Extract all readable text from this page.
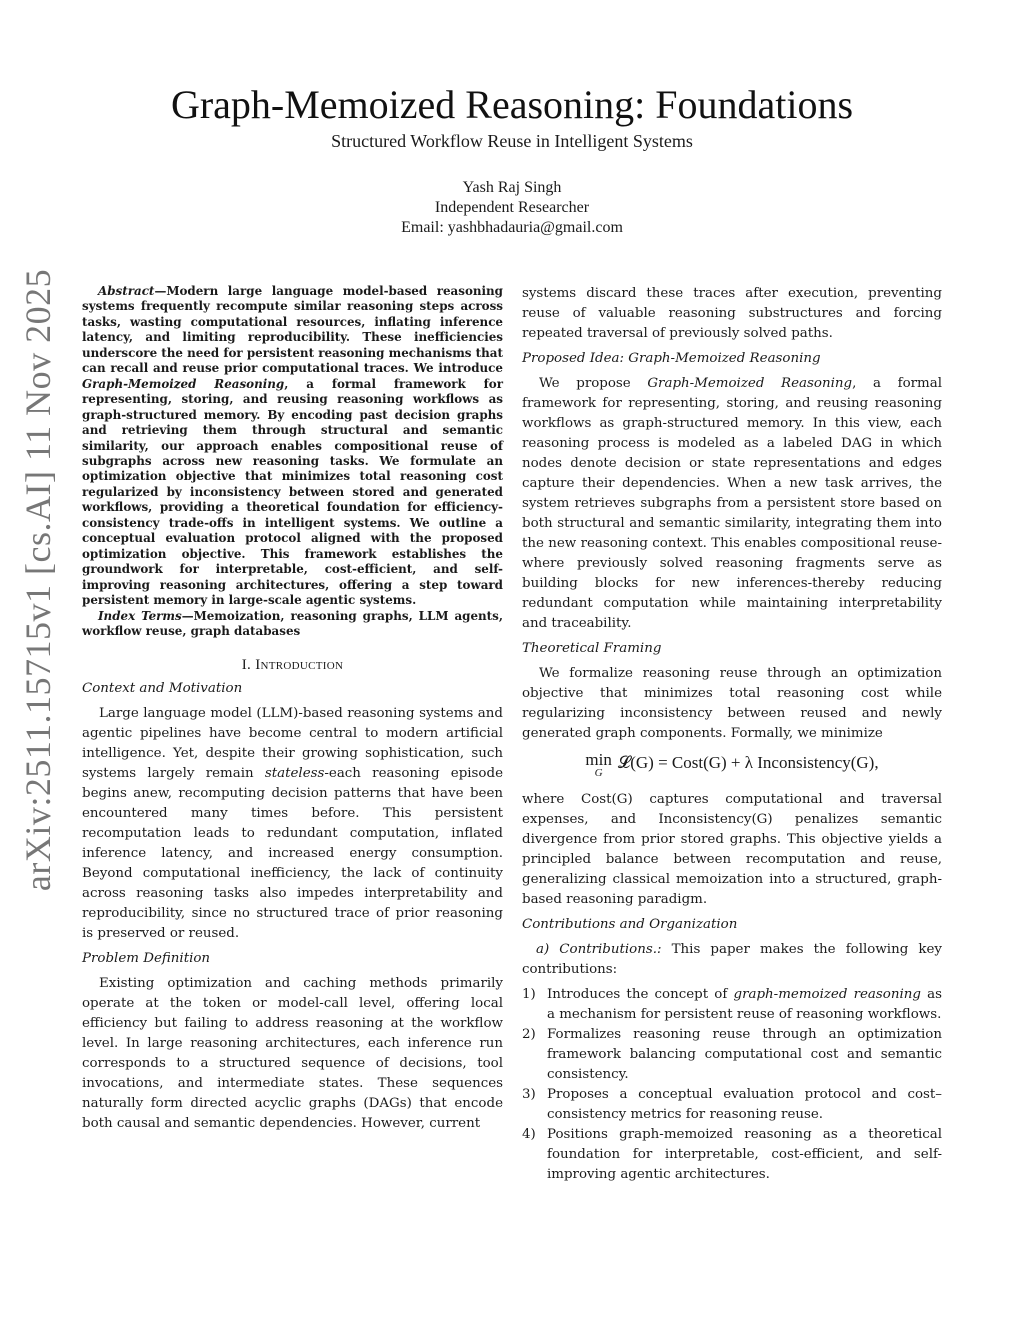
arXiv:2511.15715v1 [cs.AI] 11 Nov 2025
Graph-Memoized Reasoning: Foundations
Structured Workflow Reuse in Intelligent Systems
Yash Raj Singh
Independent Researcher
Email: yashbhadauria@gmail.com

Abstract—Modern large language model-based reasoning systems frequently recompute similar reasoning steps across tasks, wasting computational resources, inflating inference latency, and limiting reproducibility. These inefficiencies underscore the need for persistent reasoning mechanisms that can recall and reuse prior computational traces. We introduce Graph-Memoized Reasoning, a formal framework for representing, storing, and reusing reasoning workflows as graph-structured memory. By encoding past decision graphs and retrieving them through structural and semantic similarity, our approach enables compositional reuse of subgraphs across new reasoning tasks. We formulate an optimization objective that minimizes total reasoning cost regularized by inconsistency between stored and generated workflows, providing a theoretical foundation for efficiency-consistency trade-offs in intelligent systems. We outline a conceptual evaluation protocol aligned with the proposed optimization objective. This framework establishes the groundwork for interpretable, cost-efficient, and self-improving reasoning architectures, offering a step toward persistent memory in large-scale agentic systems.

Index Terms—Memoization, reasoning graphs, LLM agents, workflow reuse, graph databases

I. Introduction
Context and Motivation

Large language model (LLM)-based reasoning systems and agentic pipelines have become central to modern artificial intelligence. Yet, despite their growing sophistication, such systems largely remain stateless-each reasoning episode begins anew, recomputing decision patterns that have been encountered many times before. This persistent recomputation leads to redundant computation, inflated inference latency, and increased energy consumption. Beyond computational inefficiency, the lack of continuity across reasoning tasks also impedes interpretability and reproducibility, since no structured trace of prior reasoning is preserved or reused.

Problem Definition

Existing optimization and caching methods primarily operate at the token or model-call level, offering local efficiency but failing to address reasoning at the workflow level. In large reasoning architectures, each inference run corresponds to a structured sequence of decisions, tool invocations, and intermediate states. These sequences naturally form directed acyclic graphs (DAGs) that encode both causal and semantic dependencies. However, current

systems discard these traces after execution, preventing reuse of valuable reasoning substructures and forcing repeated traversal of previously solved paths.

Proposed Idea: Graph-Memoized Reasoning

We propose Graph-Memoized Reasoning, a formal framework for representing, storing, and reusing reasoning workflows as graph-structured memory. In this view, each reasoning process is modeled as a labeled DAG in which nodes denote decision or state representations and edges capture their dependencies. When a new task arrives, the system retrieves subgraphs from a persistent store based on both structural and semantic similarity, integrating them into the new reasoning context. This enables compositional reuse-where previously solved reasoning fragments serve as building blocks for new inferences-thereby reducing redundant computation while maintaining interpretability and traceability.

Theoretical Framing

We formalize reasoning reuse through an optimization objective that minimizes total reasoning cost while regularizing inconsistency between reused and newly generated graph components. Formally, we minimize

min
G
𝓛(G) = Cost(G) + λ Inconsistency(G),

where Cost(G) captures computational and traversal expenses, and Inconsistency(G) penalizes semantic divergence from prior stored graphs. This objective yields a principled balance between recomputation and reuse, generalizing classical memoization into a structured, graph-based reasoning paradigm.

Contributions and Organization

a) Contributions.: This paper makes the following key contributions:

1) Introduces the concept of graph-memoized reasoning as a mechanism for persistent reuse of reasoning workflows.
2) Formalizes reasoning reuse through an optimization framework balancing computational cost and semantic consistency.
3) Proposes a conceptual evaluation protocol and cost–consistency metrics for reasoning reuse.
4) Positions graph-memoized reasoning as a theoretical foundation for interpretable, cost-efficient, and self-improving agentic architectures.
